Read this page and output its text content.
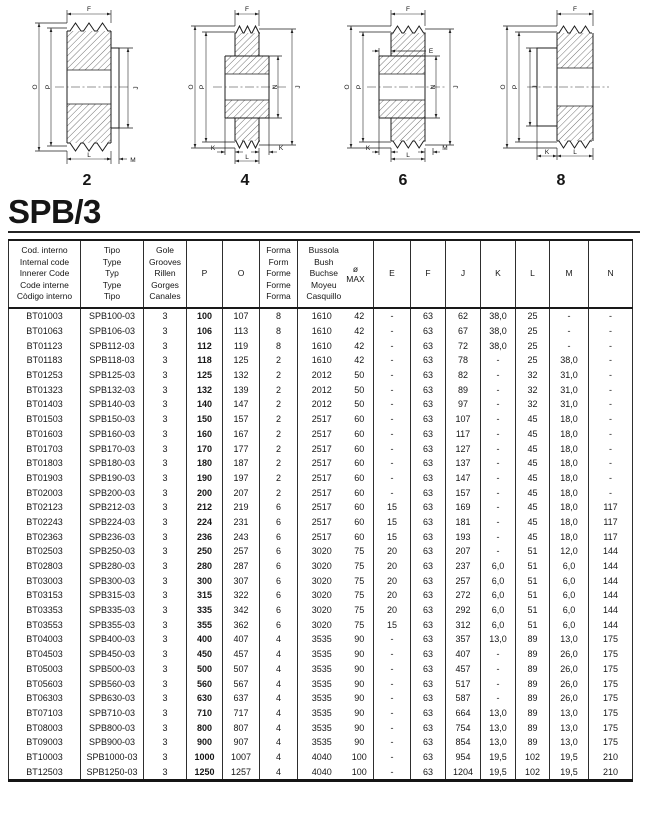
F
O P	J
L
M
2
F
O P	N J
K	K
L
4
F
E
O P	N J
K
L
M
6
F
O P J
K	L
8
SPB/3
Cod. interno
Internal code
Innerer Code
Code interne
Còdigo interno

Tipo
Type
Typ
Type
Tipo

Gole
Grooves
Rillen
Gorges
Canales
	P	O	
Forma
Form
Forme
Forme
Forma

Bussola
Bush
Buchse
Moyeu
Casquillo
ø
MAX
	E	F	J	K	L	M	N
BT01003	SPB100-03	3	100	107	8	1610	42	-	63	62	38,0	25	-	-
BT01063	SPB106-03	3	106	113	8	1610	42	-	63	67	38,0	25	-	-
BT01123	SPB112-03	3	112	119	8	1610	42	-	63	72	38,0	25	-	-
BT01183	SPB118-03	3	118	125	2	1610	42	-	63	78	-	25	38,0	-
BT01253	SPB125-03	3	125	132	2	2012	50	-	63	82	-	32	31,0	-
BT01323	SPB132-03	3	132	139	2	2012	50	-	63	89	-	32	31,0	-
BT01403	SPB140-03	3	140	147	2	2012	50	-	63	97	-	32	31,0	-
BT01503	SPB150-03	3	150	157	2	2517	60	-	63	107	-	45	18,0	-
BT01603	SPB160-03	3	160	167	2	2517	60	-	63	117	-	45	18,0	-
BT01703	SPB170-03	3	170	177	2	2517	60	-	63	127	-	45	18,0	-
BT01803	SPB180-03	3	180	187	2	2517	60	-	63	137	-	45	18,0	-
BT01903	SPB190-03	3	190	197	2	2517	60	-	63	147	-	45	18,0	-
BT02003	SPB200-03	3	200	207	2	2517	60	-	63	157	-	45	18,0	-
BT02123	SPB212-03	3	212	219	6	2517	60	15	63	169	-	45	18,0	117
BT02243	SPB224-03	3	224	231	6	2517	60	15	63	181	-	45	18,0	117
BT02363	SPB236-03	3	236	243	6	2517	60	15	63	193	-	45	18,0	117
BT02503	SPB250-03	3	250	257	6	3020	75	20	63	207	-	51	12,0	144
BT02803	SPB280-03	3	280	287	6	3020	75	20	63	237	6,0	51	6,0	144
BT03003	SPB300-03	3	300	307	6	3020	75	20	63	257	6,0	51	6,0	144
BT03153	SPB315-03	3	315	322	6	3020	75	20	63	272	6,0	51	6,0	144
BT03353	SPB335-03	3	335	342	6	3020	75	20	63	292	6,0	51	6,0	144
BT03553	SPB355-03	3	355	362	6	3020	75	15	63	312	6,0	51	6,0	144
BT04003	SPB400-03	3	400	407	4	3535	90	-	63	357	13,0	89	13,0	175
BT04503	SPB450-03	3	450	457	4	3535	90	-	63	407	-	89	26,0	175
BT05003	SPB500-03	3	500	507	4	3535	90	-	63	457	-	89	26,0	175
BT05603	SPB560-03	3	560	567	4	3535	90	-	63	517	-	89	26,0	175
BT06303	SPB630-03	3	630	637	4	3535	90	-	63	587	-	89	26,0	175
BT07103	SPB710-03	3	710	717	4	3535	90	-	63	664	13,0	89	13,0	175
BT08003	SPB800-03	3	800	807	4	3535	90	-	63	754	13,0	89	13,0	175
BT09003	SPB900-03	3	900	907	4	3535	90	-	63	854	13,0	89	13,0	175
BT10003	SPB1000-03	3	1000	1007	4	4040	100	-	63	954	19,5	102	19,5	210
BT12503	SPB1250-03	3	1250	1257	4	4040	100	-	63	1204	19,5	102	19,5	210
